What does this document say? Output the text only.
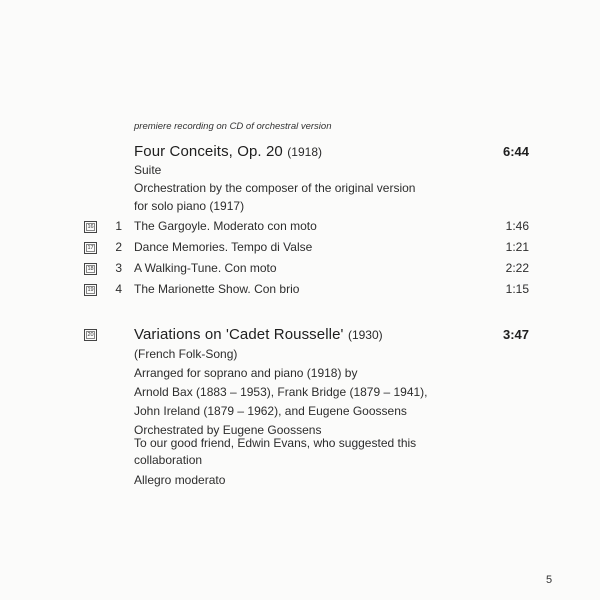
premiere recording on CD of orchestral version
Four Conceits, Op. 20 (1918)	6:44
Suite
Orchestration by the composer of the original version
for solo piano (1917)
16 1 The Gargoyle. Moderato con moto	1:46
17 2 Dance Memories. Tempo di Valse	1:21
18 3 A Walking-Tune. Con moto	2:22
19 4 The Marionette Show. Con brio	1:15
20	Variations on 'Cadet Rousselle' (1930)	3:47
(French Folk-Song)
Arranged for soprano and piano (1918) by
Arnold Bax (1883 – 1953), Frank Bridge (1879 – 1941),
John Ireland (1879 – 1962), and Eugene Goossens
Orchestrated by Eugene Goossens
To our good friend, Edwin Evans, who suggested this
collaboration
Allegro moderato
5
